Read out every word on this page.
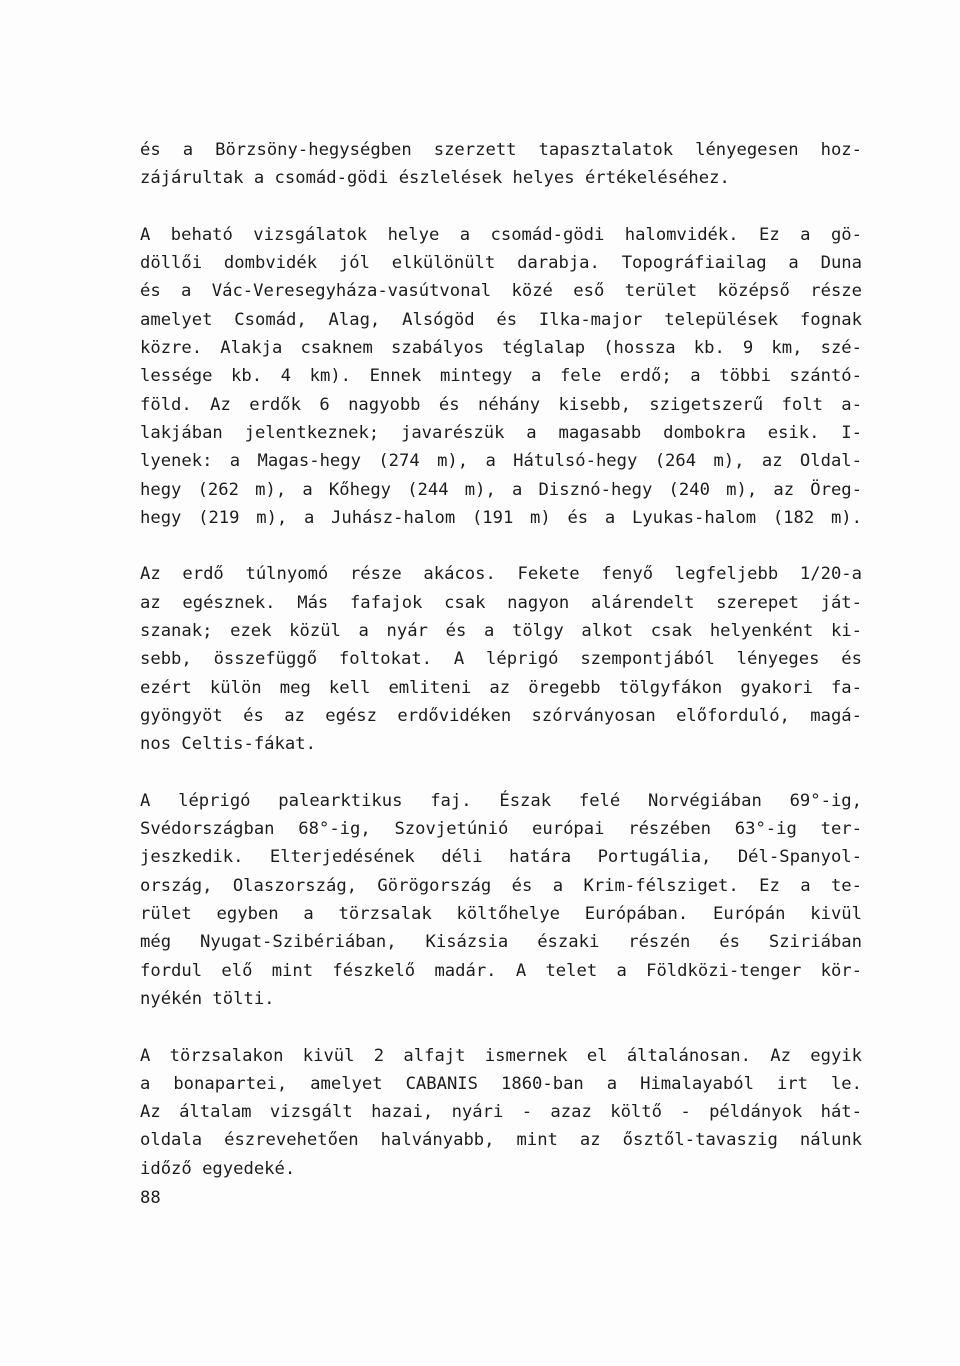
és a Börzsöny-hegységben szerzett tapasztalatok lényegesen hoz-
zájárultak a csomád-gödi észlelések helyes értékeléséhez.
A beható vizsgálatok helye a csomád-gödi halomvidék. Ez a gö-
döllői dombvidék jól elkülönült darabja. Topográfiailag a Duna
és a Vác-Veresegyháza-vasútvonal közé eső terület középső része
amelyet Csomád, Alag, Alsógöd és Ilka-major települések fognak
közre. Alakja csaknem szabályos téglalap (hossza kb. 9 km, szé-
lessége kb. 4 km). Ennek mintegy a fele erdő; a többi szántó-
föld. Az erdők 6 nagyobb és néhány kisebb, szigetszerű folt a-
lakjában jelentkeznek; javarészük a magasabb dombokra esik. I-
lyenek: a Magas-hegy (274 m), a Hátulsó-hegy (264 m), az Oldal-
hegy (262 m), a Kőhegy (244 m), a Disznó-hegy (240 m), az Öreg-
hegy (219 m), a Juhász-halom (191 m) és a Lyukas-halom (182 m).
Az erdő túlnyomó része akácos. Fekete fenyő legfeljebb 1/20-a
az egésznek. Más fafajok csak nagyon alárendelt szerepet ját-
szanak; ezek közül a nyár és a tölgy alkot csak helyenként ki-
sebb, összefüggő foltokat. A léprigó szempontjából lényeges és
ezért külön meg kell emliteni az öregebb tölgyfákon gyakori fa-
gyöngyöt és az egész erdővidéken szórványosan előforduló, magá-
nos Celtis-fákat.
A léprigó palearktikus faj. Észak felé Norvégiában 69°-ig,
Svédországban 68°-ig, Szovjetúnió európai részében 63°-ig ter-
jeszkedik. Elterjedésének déli határa Portugália, Dél-Spanyol-
ország, Olaszország, Görögország és a Krim-félsziget. Ez a te-
rület egyben a törzsalak költőhelye Európában. Európán kivül
még Nyugat-Szibériában, Kisázsia északi részén és Sziriában
fordul elő mint fészkelő madár. A telet a Földközi-tenger kör-
nyékén tölti.
A törzsalakon kivül 2 alfajt ismernek el általánosan. Az egyik
a bonapartei, amelyet CABANIS 1860-ban a Himalayaból irt le.
Az általam vizsgált hazai, nyári - azaz költő - példányok hát-
oldala észrevehetően halványabb, mint az ősztől-tavaszig nálunk
időző egyedeké.
88
